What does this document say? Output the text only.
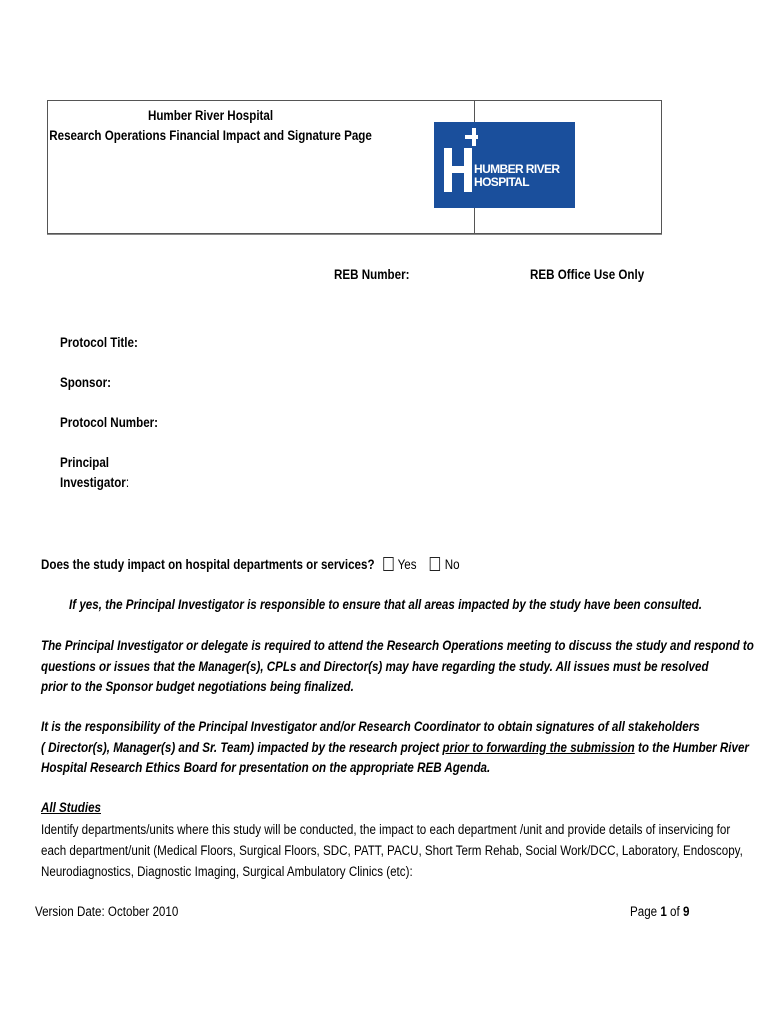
Humber River Hospital
Research Operations Financial Impact and Signature Page
HUMBER RIVER
HOSPITAL
REB Number:	REB Office Use Only
Protocol Title:
Sponsor:
Protocol Number:
Principal
Investigator:
Does the study impact on hospital departments or services? Yes No
If yes, the Principal Investigator is responsible to ensure that all areas impacted by the study have been consulted.
The Principal Investigator or delegate is required to attend the Research Operations meeting to discuss the study and respond to
questions or issues that the Manager(s), CPLs and Director(s) may have regarding the study. All issues must be resolved
prior to the Sponsor budget negotiations being finalized.
It is the responsibility of the Principal Investigator and/or Research Coordinator to obtain signatures of all stakeholders
( Director(s), Manager(s) and Sr. Team) impacted by the research project prior to forwarding the submission to the Humber River
Hospital Research Ethics Board for presentation on the appropriate REB Agenda.
All Studies
Identify departments/units where this study will be conducted, the impact to each department /unit and provide details of inservicing for
each department/unit (Medical Floors, Surgical Floors, SDC, PATT, PACU, Short Term Rehab, Social Work/DCC, Laboratory, Endoscopy,
Neurodiagnostics, Diagnostic Imaging, Surgical Ambulatory Clinics (etc):
Version Date: October 2010	Page 1 of 9
